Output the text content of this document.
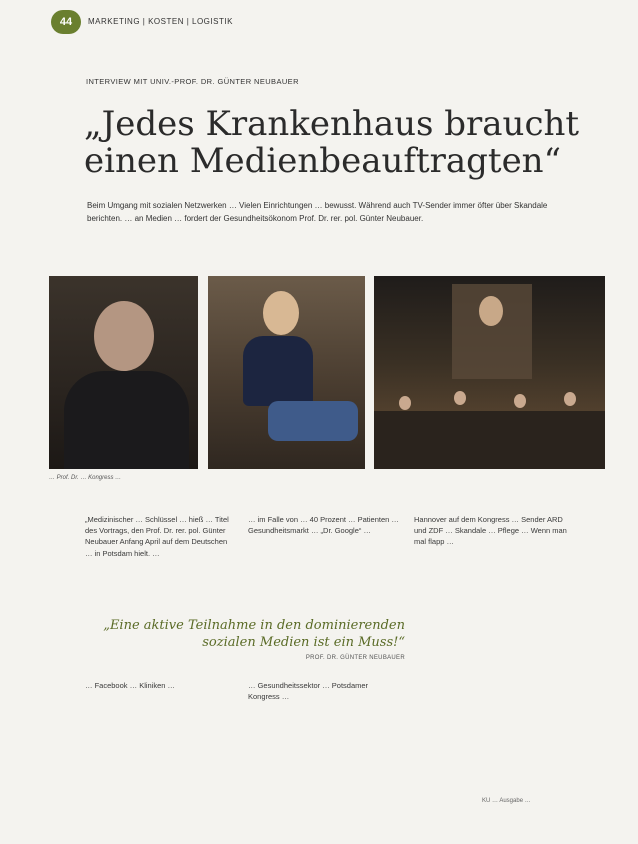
44 MARKETING | KOSTEN | LOGISTIK
INTERVIEW MIT UNIV.-PROF. DR. GÜNTER NEUBAUER
„Jedes Krankenhaus braucht einen Medienbeauftragten“
Beim Umgang mit sozialen Netzwerken … Vielen Einrichtungen … bewusst. Während auch TV-Sender immer öfter über Skandale berichten. … an Medien … fordert der Gesundheitsökonom Prof. Dr. rer. pol. Günter Neubauer.
… Prof. Dr. … Kongress …
„Medizinischer … Schlüssel … hieß … Titel des Vortrags, den Prof. Dr. rer. pol. Günter Neubauer Anfang April auf dem Deutschen … in Potsdam hielt. …
… im Falle von … 40 Prozent … Patienten … Gesundheitsmarkt … „Dr. Google“ …
Hannover auf dem Kongress … Sender ARD und ZDF … Skandale … Pflege … Wenn man mal flapp …
„Eine aktive Teilnahme in den dominierenden sozialen Medien ist ein Muss!“
PROF. DR. GÜNTER NEUBAUER
… Facebook … Kliniken …	… Gesundheitssektor … Potsdamer Kongress …
KU … Ausgabe …
